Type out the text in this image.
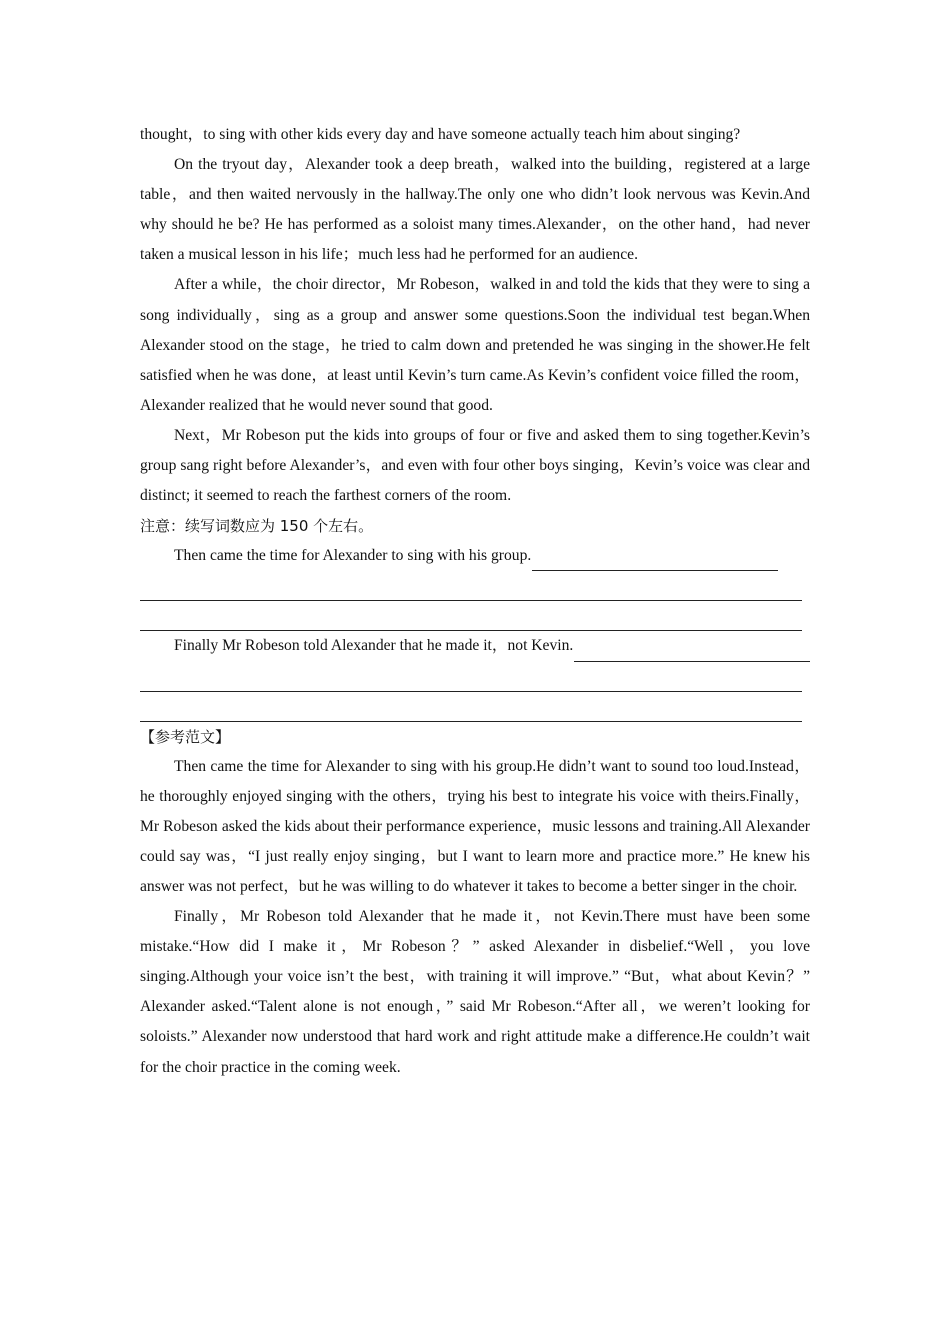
thought，to sing with other kids every day and have someone actually teach him about singing?

On the tryout day，Alexander took a deep breath，walked into the building，registered at a large table，and then waited nervously in the hallway.The only one who didn’t look nervous was Kevin.And why should he be? He has performed as a soloist many times.Alexander，on the other hand，had never taken a musical lesson in his life；much less had he performed for an audience.

After a while，the choir director，Mr Robeson，walked in and told the kids that they were to sing a song individually，sing as a group and answer some questions.Soon the individual test began.When Alexander stood on the stage，he tried to calm down and pretended he was singing in the shower.He felt satisfied when he was done，at least until Kevin’s turn came.As Kevin’s confident voice filled the room，Alexander realized that he would never sound that good.

Next，Mr Robeson put the kids into groups of four or five and asked them to sing together.Kevin’s group sang right before Alexander’s，and even with four other boys singing，Kevin’s voice was clear and distinct; it seemed to reach the farthest corners of the room.

注意：续写词数应为 150 个左右。

Then came the time for Alexander to sing with his group.
Finally Mr Robeson told Alexander that he made it，not Kevin.

【参考范文】

Then came the time for Alexander to sing with his group.He didn’t want to sound too loud.Instead，he thoroughly enjoyed singing with the others，trying his best to integrate his voice with theirs.Finally，Mr Robeson asked the kids about their performance experience，music lessons and training.All Alexander could say was，“I just really enjoy singing，but I want to learn more and practice more.” He knew his answer was not perfect，but he was willing to do whatever it takes to become a better singer in the choir.

Finally，Mr Robeson told Alexander that he made it，not Kevin.There must have been some mistake.“How did I make it，Mr Robeson？” asked Alexander in disbelief.“Well，you love singing.Although your voice isn’t the best，with training it will improve.” “But，what about Kevin？” Alexander asked.“Talent alone is not enough，” said Mr Robeson.“After all，we weren’t looking for soloists.” Alexander now understood that hard work and right attitude make a difference.He couldn’t wait for the choir practice in the coming week.
